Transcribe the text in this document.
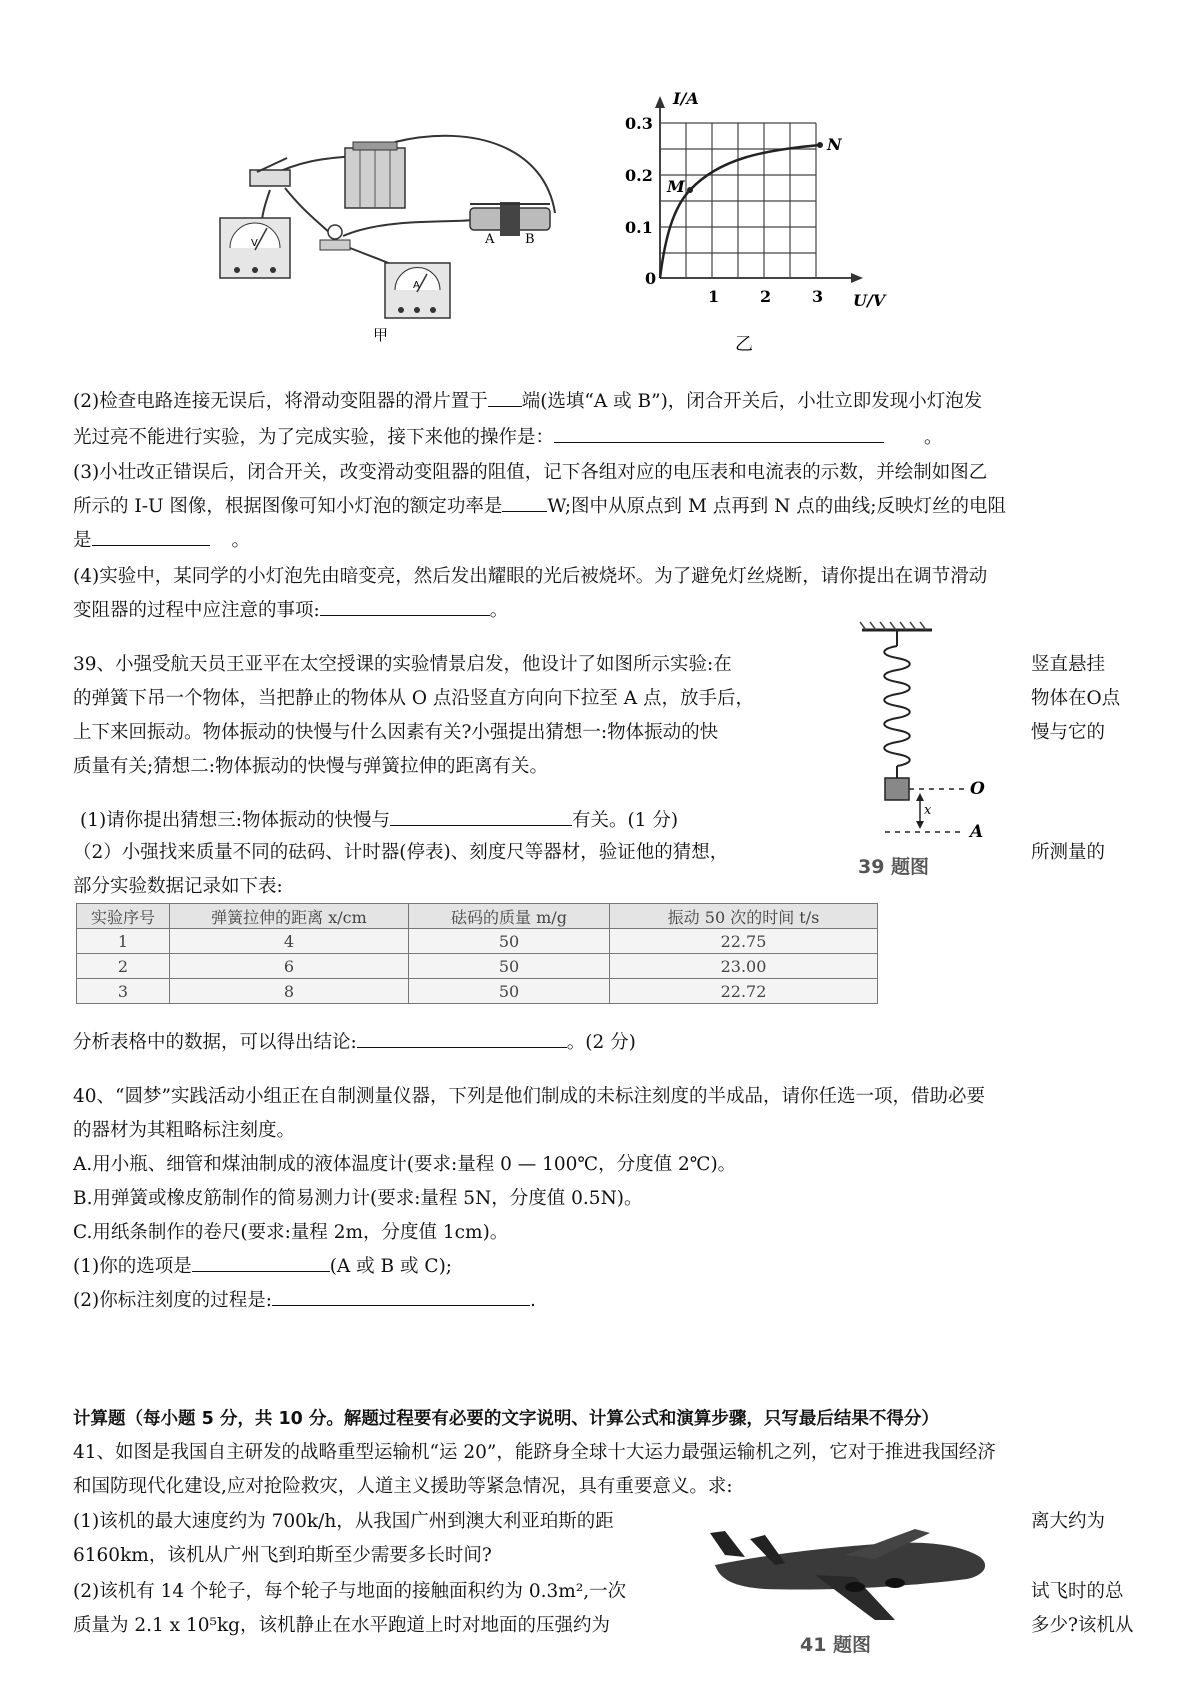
A B
V
A
甲
I/A
U/V
0.3
0.2
0.1
0
1	2	3
M
N
乙
(2)检查电路连接无误后，将滑动变阻器的滑片置于 端(选填“A 或 B”)，闭合开关后，小壮立即发现小灯泡发
光过亮不能进行实验，为了完成实验，接下来他的操作是：	。
(3)小壮改正错误后，闭合开关，改变滑动变阻器的阻值，记下各组对应的电压表和电流表的示数，并绘制如图乙
所示的 I-U 图像，根据图像可知小灯泡的额定功率是 W;图中从原点到 M 点再到 N 点的曲线;反映灯丝的电阻
是	。
(4)实验中，某同学的小灯泡先由暗变亮，然后发出耀眼的光后被烧坏。为了避免灯丝烧断，请你提出在调节滑动
变阻器的过程中应注意的事项:	。
39、小强受航天员王亚平在太空授课的实验情景启发，他设计了如图所示实验:在	竖直悬挂
的弹簧下吊一个物体，当把静止的物体从 O 点沿竖直方向向下拉至 A 点，放手后，	物体在O点
上下来回振动。物体振动的快慢与什么因素有关?小强提出猜想一:物体振动的快	慢与它的
质量有关;猜想二:物体振动的快慢与弹簧拉伸的距离有关。
x
O
A
39 题图
(1)请你提出猜想三:物体振动的快慢与	有关。(1 分)
（2）小强找来质量不同的砝码、计时器(停表)、刻度尺等器材，验证他的猜想，	所测量的
部分实验数据记录如下表:
实验序号	弹簧拉伸的距离 x/cm	砝码的质量 m/g	振动 50 次的时间 t/s
1	4	50	22.75
2	6	50	23.00
3	8	50	22.72
分析表格中的数据，可以得出结论:	。(2 分)
40、“圆梦”实践活动小组正在自制测量仪器，下列是他们制成的未标注刻度的半成品，请你任选一项，借助必要
的器材为其粗略标注刻度。
A.用小瓶、细管和煤油制成的液体温度计(要求:量程 0 — 100℃，分度值 2℃)。
B.用弹簧或橡皮筋制作的简易测力计(要求:量程 5N，分度值 0.5N)。
C.用纸条制作的卷尺(要求:量程 2m，分度值 1cm)。
(1)你的选项是	(A 或 B 或 C);
(2)你标注刻度的过程是:	.
计算题（每小题 5 分，共 10 分。解题过程要有必要的文字说明、计算公式和演算步骤，只写最后结果不得分）
41、如图是我国自主研发的战略重型运输机“运 20”，能跻身全球十大运力最强运输机之列，它对于推进我国经济
和国防现代化建设,应对抢险救灾，人道主义援助等紧急情况，具有重要意义。求:
(1)该机的最大速度约为 700k/h，从我国广州到澳大利亚珀斯的距	离大约为
6160km，该机从广州飞到珀斯至少需要多长时间?
(2)该机有 14 个轮子，每个轮子与地面的接触面积约为 0.3m²,一次	试飞时的总
质量为 2.1 x 10⁵kg，该机静止在水平跑道上时对地面的压强约为	多少?该机从
41 题图
